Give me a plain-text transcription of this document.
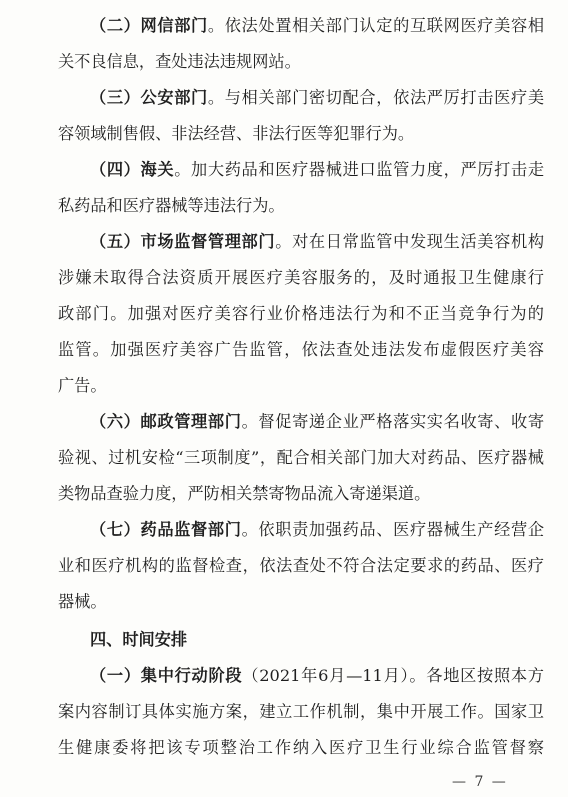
（二）网信部门。依法处置相关部门认定的互联网医疗美容相
关不良信息，查处违法违规网站。
（三）公安部门。与相关部门密切配合，依法严厉打击医疗美
容领域制售假、非法经营、非法行医等犯罪行为。
（四）海关。加大药品和医疗器械进口监管力度，严厉打击走
私药品和医疗器械等违法行为。
（五）市场监督管理部门。对在日常监管中发现生活美容机构
涉嫌未取得合法资质开展医疗美容服务的，及时通报卫生健康行
政部门。加强对医疗美容行业价格违法行为和不正当竞争行为的
监管。加强医疗美容广告监管，依法查处违法发布虚假医疗美容
广告。
（六）邮政管理部门。督促寄递企业严格落实实名收寄、收寄
验视、过机安检“三项制度”，配合相关部门加大对药品、医疗器械
类物品查验力度，严防相关禁寄物品流入寄递渠道。
（七）药品监督部门。依职责加强药品、医疗器械生产经营企
业和医疗机构的监督检查，依法查处不符合法定要求的药品、医疗
器械。
四、时间安排
（一）集中行动阶段（2021年6月—11月）。各地区按照本方
案内容制订具体实施方案，建立工作机制，集中开展工作。国家卫
生健康委将把该专项整治工作纳入医疗卫生行业综合监管督察
— 7 —
